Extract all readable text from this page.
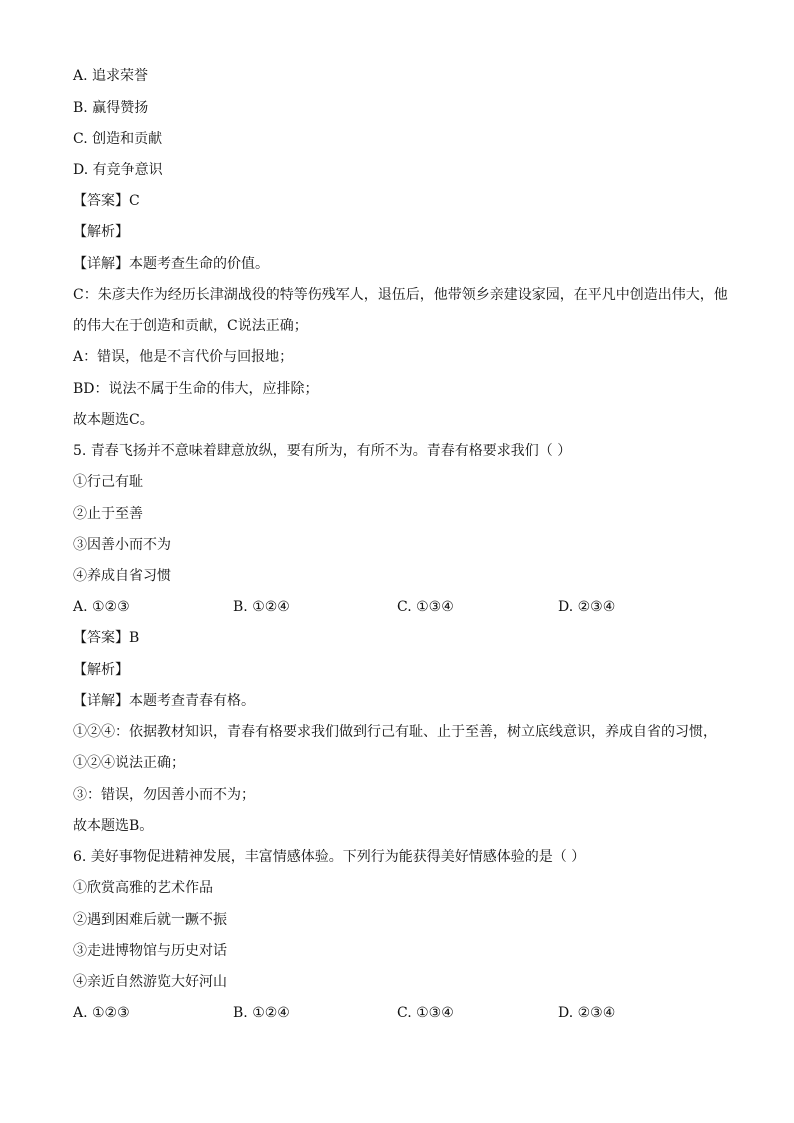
A. 追求荣誉
B. 赢得赞扬
C. 创造和贡献
D. 有竞争意识
【答案】C
【解析】
【详解】本题考查生命的价值。
C：朱彦夫作为经历长津湖战役的特等伤残军人，退伍后，他带领乡亲建设家园，在平凡中创造出伟大，他
的伟大在于创造和贡献，C说法正确；
A：错误，他是不言代价与回报地；
BD：说法不属于生命的伟大，应排除；
故本题选C。
5. 青春飞扬并不意味着肆意放纵，要有所为，有所不为。青春有格要求我们（ ）
①行己有耻
②止于至善
③因善小而不为
④养成自省习惯
A. ①②③	B. ①②④	C. ①③④	D. ②③④
【答案】B
【解析】
【详解】本题考查青春有格。
①②④：依据教材知识，青春有格要求我们做到行己有耻、止于至善，树立底线意识，养成自省的习惯，
①②④说法正确；
③：错误，勿因善小而不为；
故本题选B。
6. 美好事物促进精神发展，丰富情感体验。下列行为能获得美好情感体验的是（ ）
①欣赏高雅的艺术作品
②遇到困难后就一蹶不振
③走进博物馆与历史对话
④亲近自然游览大好河山
A. ①②③	B. ①②④	C. ①③④	D. ②③④
